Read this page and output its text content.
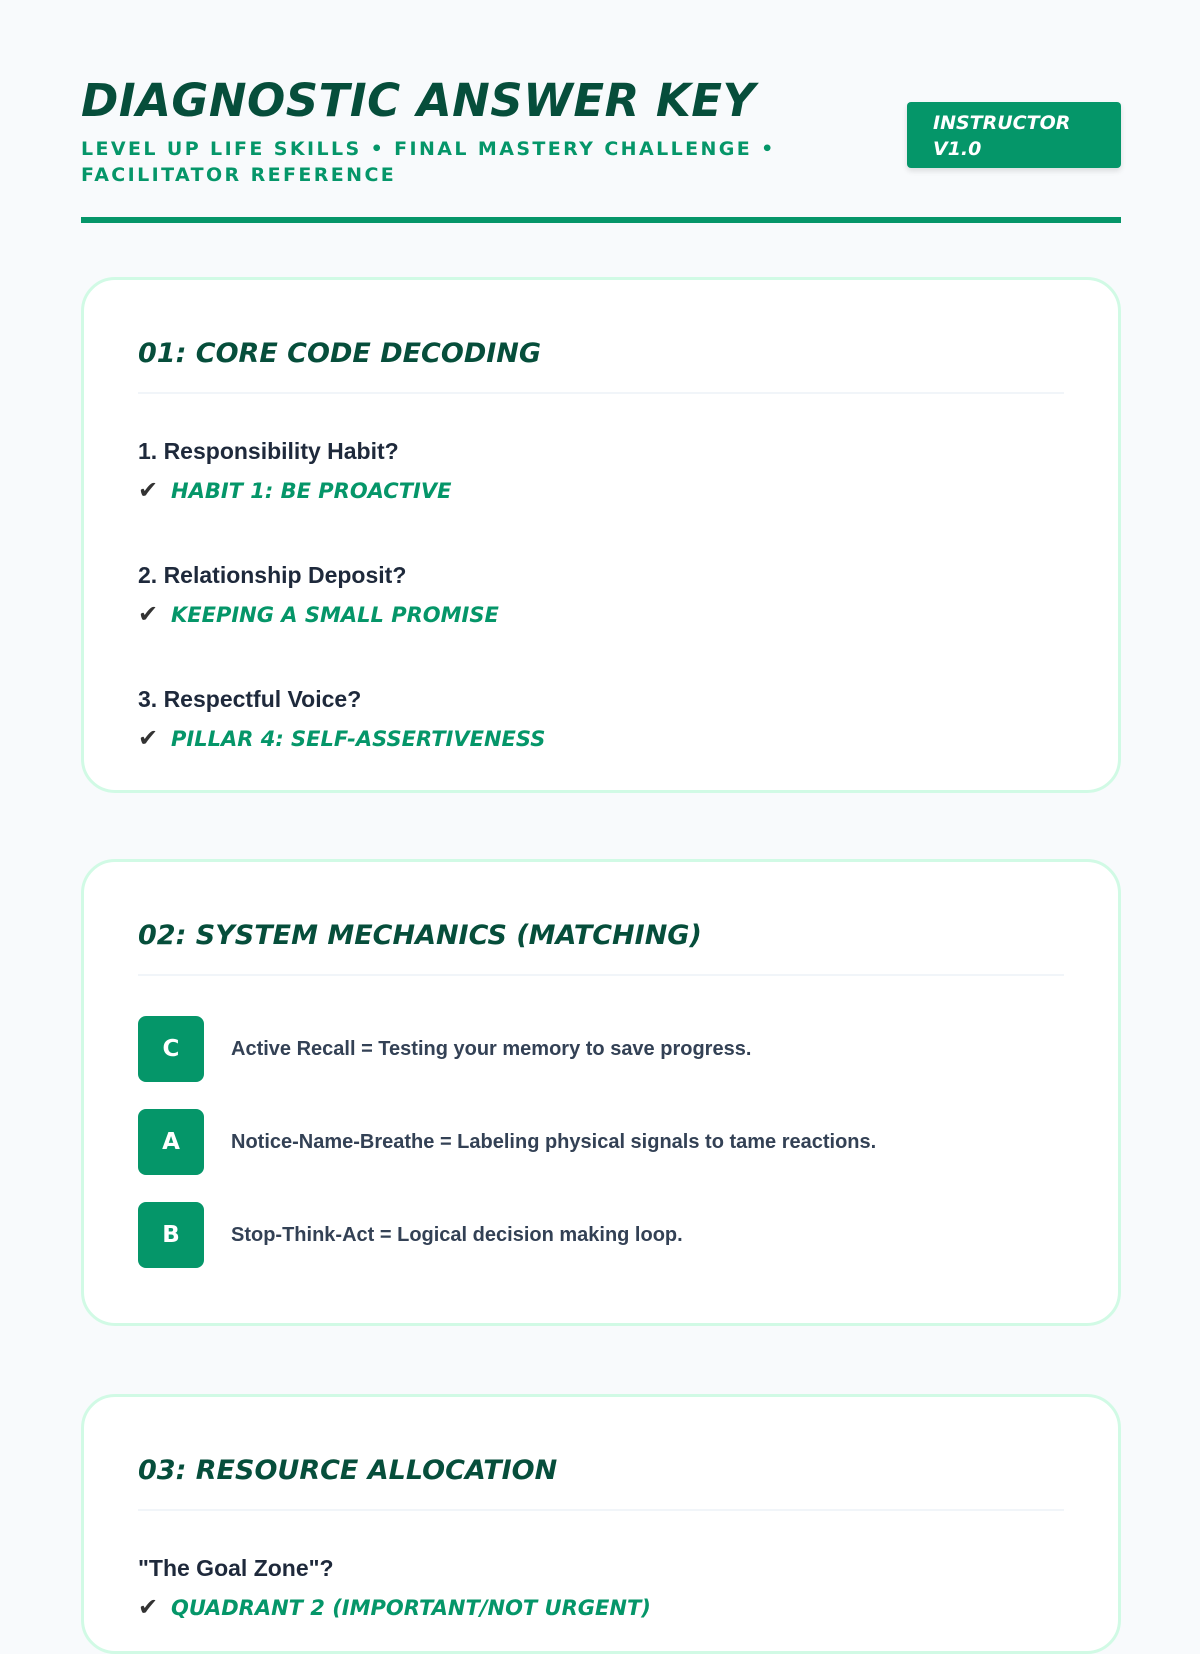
DIAGNOSTIC ANSWER KEY
LEVEL UP LIFE SKILLS • FINAL MASTERY CHALLENGE • FACILITATOR REFERENCE
INSTRUCTOR V1.0
01: CORE CODE DECODING
1. Responsibility Habit?
✔ HABIT 1: BE PROACTIVE
2. Relationship Deposit?
✔ KEEPING A SMALL PROMISE
3. Respectful Voice?
✔ PILLAR 4: SELF-ASSERTIVENESS
02: SYSTEM MECHANICS (MATCHING)
C	Active Recall = Testing your memory to save progress.
A	Notice-Name-Breathe = Labeling physical signals to tame reactions.
B	Stop-Think-Act = Logical decision making loop.
03: RESOURCE ALLOCATION
"The Goal Zone"?
✔ QUADRANT 2 (IMPORTANT/NOT URGENT)
